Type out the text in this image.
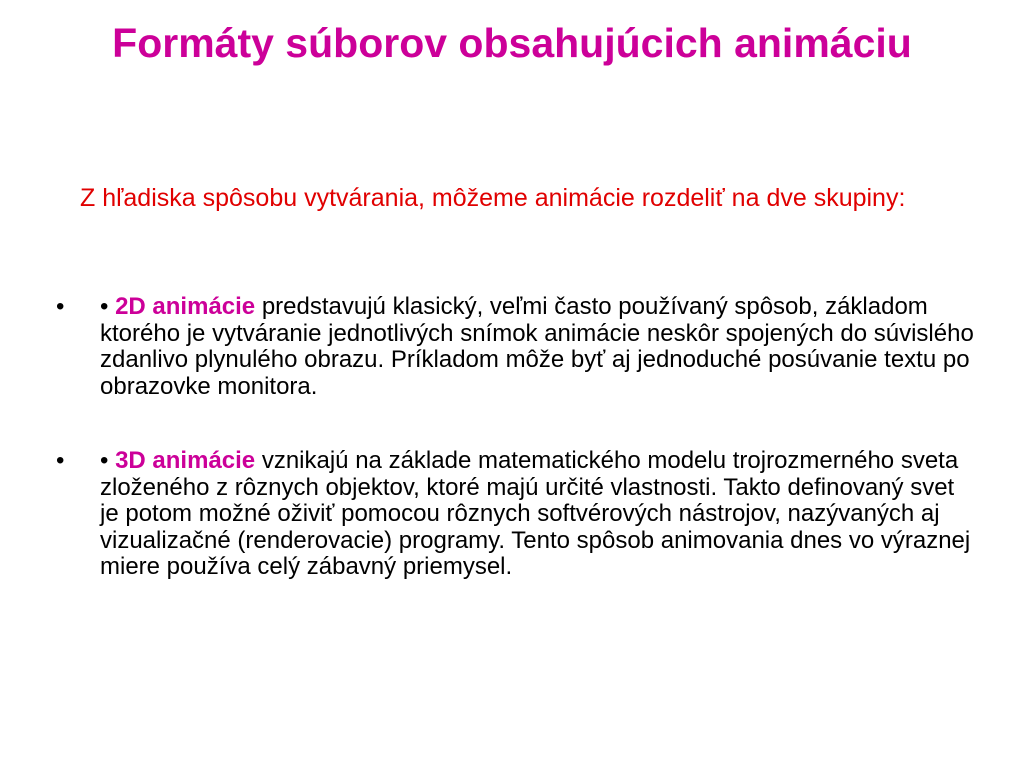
Formáty súborov obsahujúcich animáciu

Z hľadiska spôsobu vytvárania, môžeme animácie rozdeliť na dve skupiny:

• • 2D animácie predstavujú klasický, veľmi často používaný spôsob, základom ktorého je vytváranie jednotlivých snímok animácie neskôr spojených do súvislého zdanlivo plynulého obrazu. Príkladom môže byť aj jednoduché posúvanie textu po obrazovke monitora.
• • 3D animácie vznikajú na základe matematického modelu trojrozmerného sveta zloženého z rôznych objektov, ktoré majú určité vlastnosti. Takto definovaný svet je potom možné oživiť pomocou rôznych softvérových nástrojov, nazývaných aj vizualizačné (renderovacie) programy. Tento spôsob animovania dnes vo výraznej miere používa celý zábavný priemysel.
